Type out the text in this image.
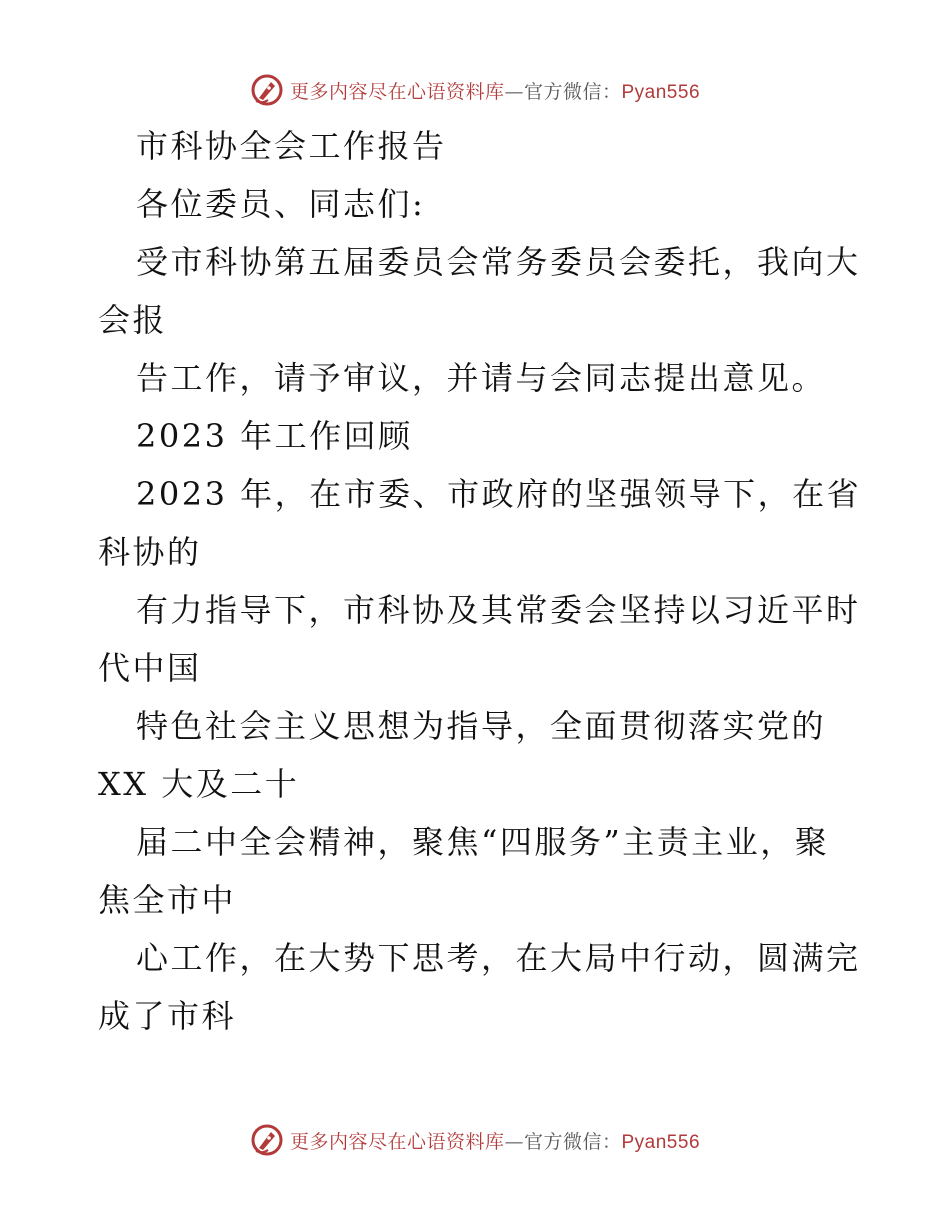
更多内容尽在心语资料库—官方微信：Pyan556
市科协全会工作报告
各位委员、同志们:
受市科协第五届委员会常务委员会委托，我向大
会报
告工作，请予审议，并请与会同志提出意见。
2023 年工作回顾
2023 年，在市委、市政府的坚强领导下，在省
科协的
有力指导下，市科协及其常委会坚持以习近平时
代中国
特色社会主义思想为指导，全面贯彻落实党的
XX 大及二十
届二中全会精神，聚焦“四服务”主责主业，聚
焦全市中
心工作，在大势下思考，在大局中行动，圆满完
成了市科
更多内容尽在心语资料库—官方微信：Pyan556
